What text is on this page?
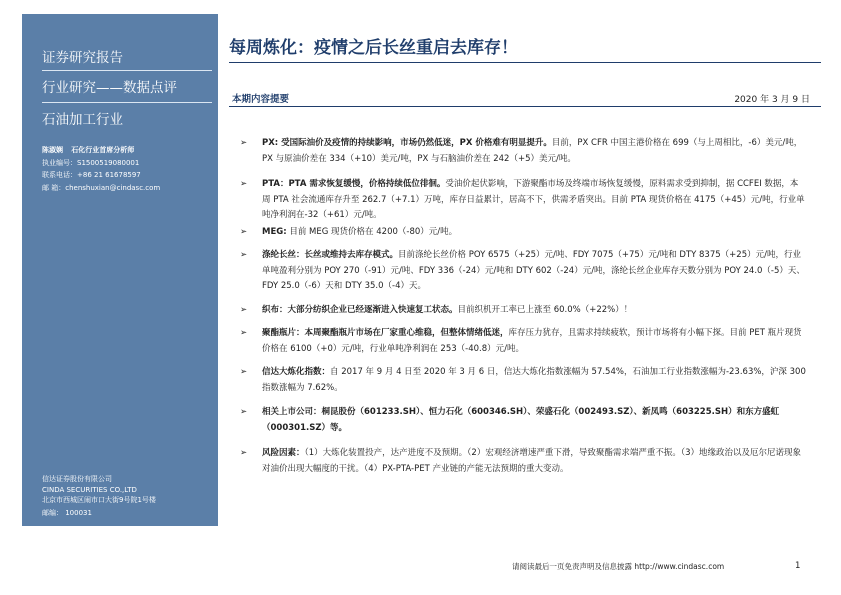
证券研究报告
行业研究——数据点评
石油加工行业
陈淑娴 石化行业首席分析师
执业编号：S1500519080001
联系电话：+86 21 61678597
邮 箱：chenshuxian@cindasc.com
信达证券股份有限公司
CINDA SECURITIES CO.,LTD
北京市西城区闹市口大街9号院1号楼
邮编： 100031
每周炼化：疫情之后长丝重启去库存！
本期内容提要	2020 年 3 月 9 日
➢ PX: 受国际油价及疫情的持续影响，市场仍然低迷，PX 价格难有明显提升。目前，PX CFR 中国主港价格在 699（与上周相比，-6）美元/吨，PX 与原油价差在 334（+10）美元/吨，PX 与石脑油价差在 242（+5）美元/吨。
➢ PTA：PTA 需求恢复缓慢，价格持续低位徘徊。受油价起伏影响，下游聚酯市场及终端市场恢复缓慢，原料需求受到抑制，据 CCFEI 数据，本周 PTA 社会流通库存升至 262.7（+7.1）万吨，库存日益累计，居高不下，供需矛盾突出。目前 PTA 现货价格在 4175（+45）元/吨，行业单吨净利润在-32（+61）元/吨。
➢ MEG: 目前 MEG 现货价格在 4200（-80）元/吨。
➢ 涤纶长丝：长丝或维持去库存模式。目前涤纶长丝价格 POY 6575（+25）元/吨、FDY 7075（+75）元/吨和 DTY 8375（+25）元/吨，行业单吨盈利分别为 POY 270（-91）元/吨、FDY 336（-24）元/吨和 DTY 602（-24）元/吨，涤纶长丝企业库存天数分别为 POY 24.0（-5）天、FDY 25.0（-6）天和 DTY 35.0（-4）天。
➢ 织布：大部分纺织企业已经逐渐进入快速复工状态。目前织机开工率已上涨至 60.0%（+22%）！
➢ 聚酯瓶片：本周聚酯瓶片市场在厂家重心维稳，但整体情绪低迷，库存压力犹存，且需求持续疲软，预计市场将有小幅下探。目前 PET 瓶片现货价格在 6100（+0）元/吨，行业单吨净利润在 253（-40.8）元/吨。
➢ 信达大炼化指数：自 2017 年 9 月 4 日至 2020 年 3 月 6 日，信达大炼化指数涨幅为 57.54%，石油加工行业指数涨幅为-23.63%，沪深 300 指数涨幅为 7.62%。
➢ 相关上市公司：桐昆股份（601233.SH）、恒力石化（600346.SH）、荣盛石化（002493.SZ）、新凤鸣（603225.SH）和东方盛虹（000301.SZ）等。
➢ 风险因素：（1）大炼化装置投产，达产进度不及预期。（2）宏观经济增速严重下滑，导致聚酯需求端严重不振。（3）地缘政治以及厄尔尼诺现象对油价出现大幅度的干扰。（4）PX-PTA-PET 产业链的产能无法预期的重大变动。
请阅读最后一页免责声明及信息披露 http://www.cindasc.com	1
